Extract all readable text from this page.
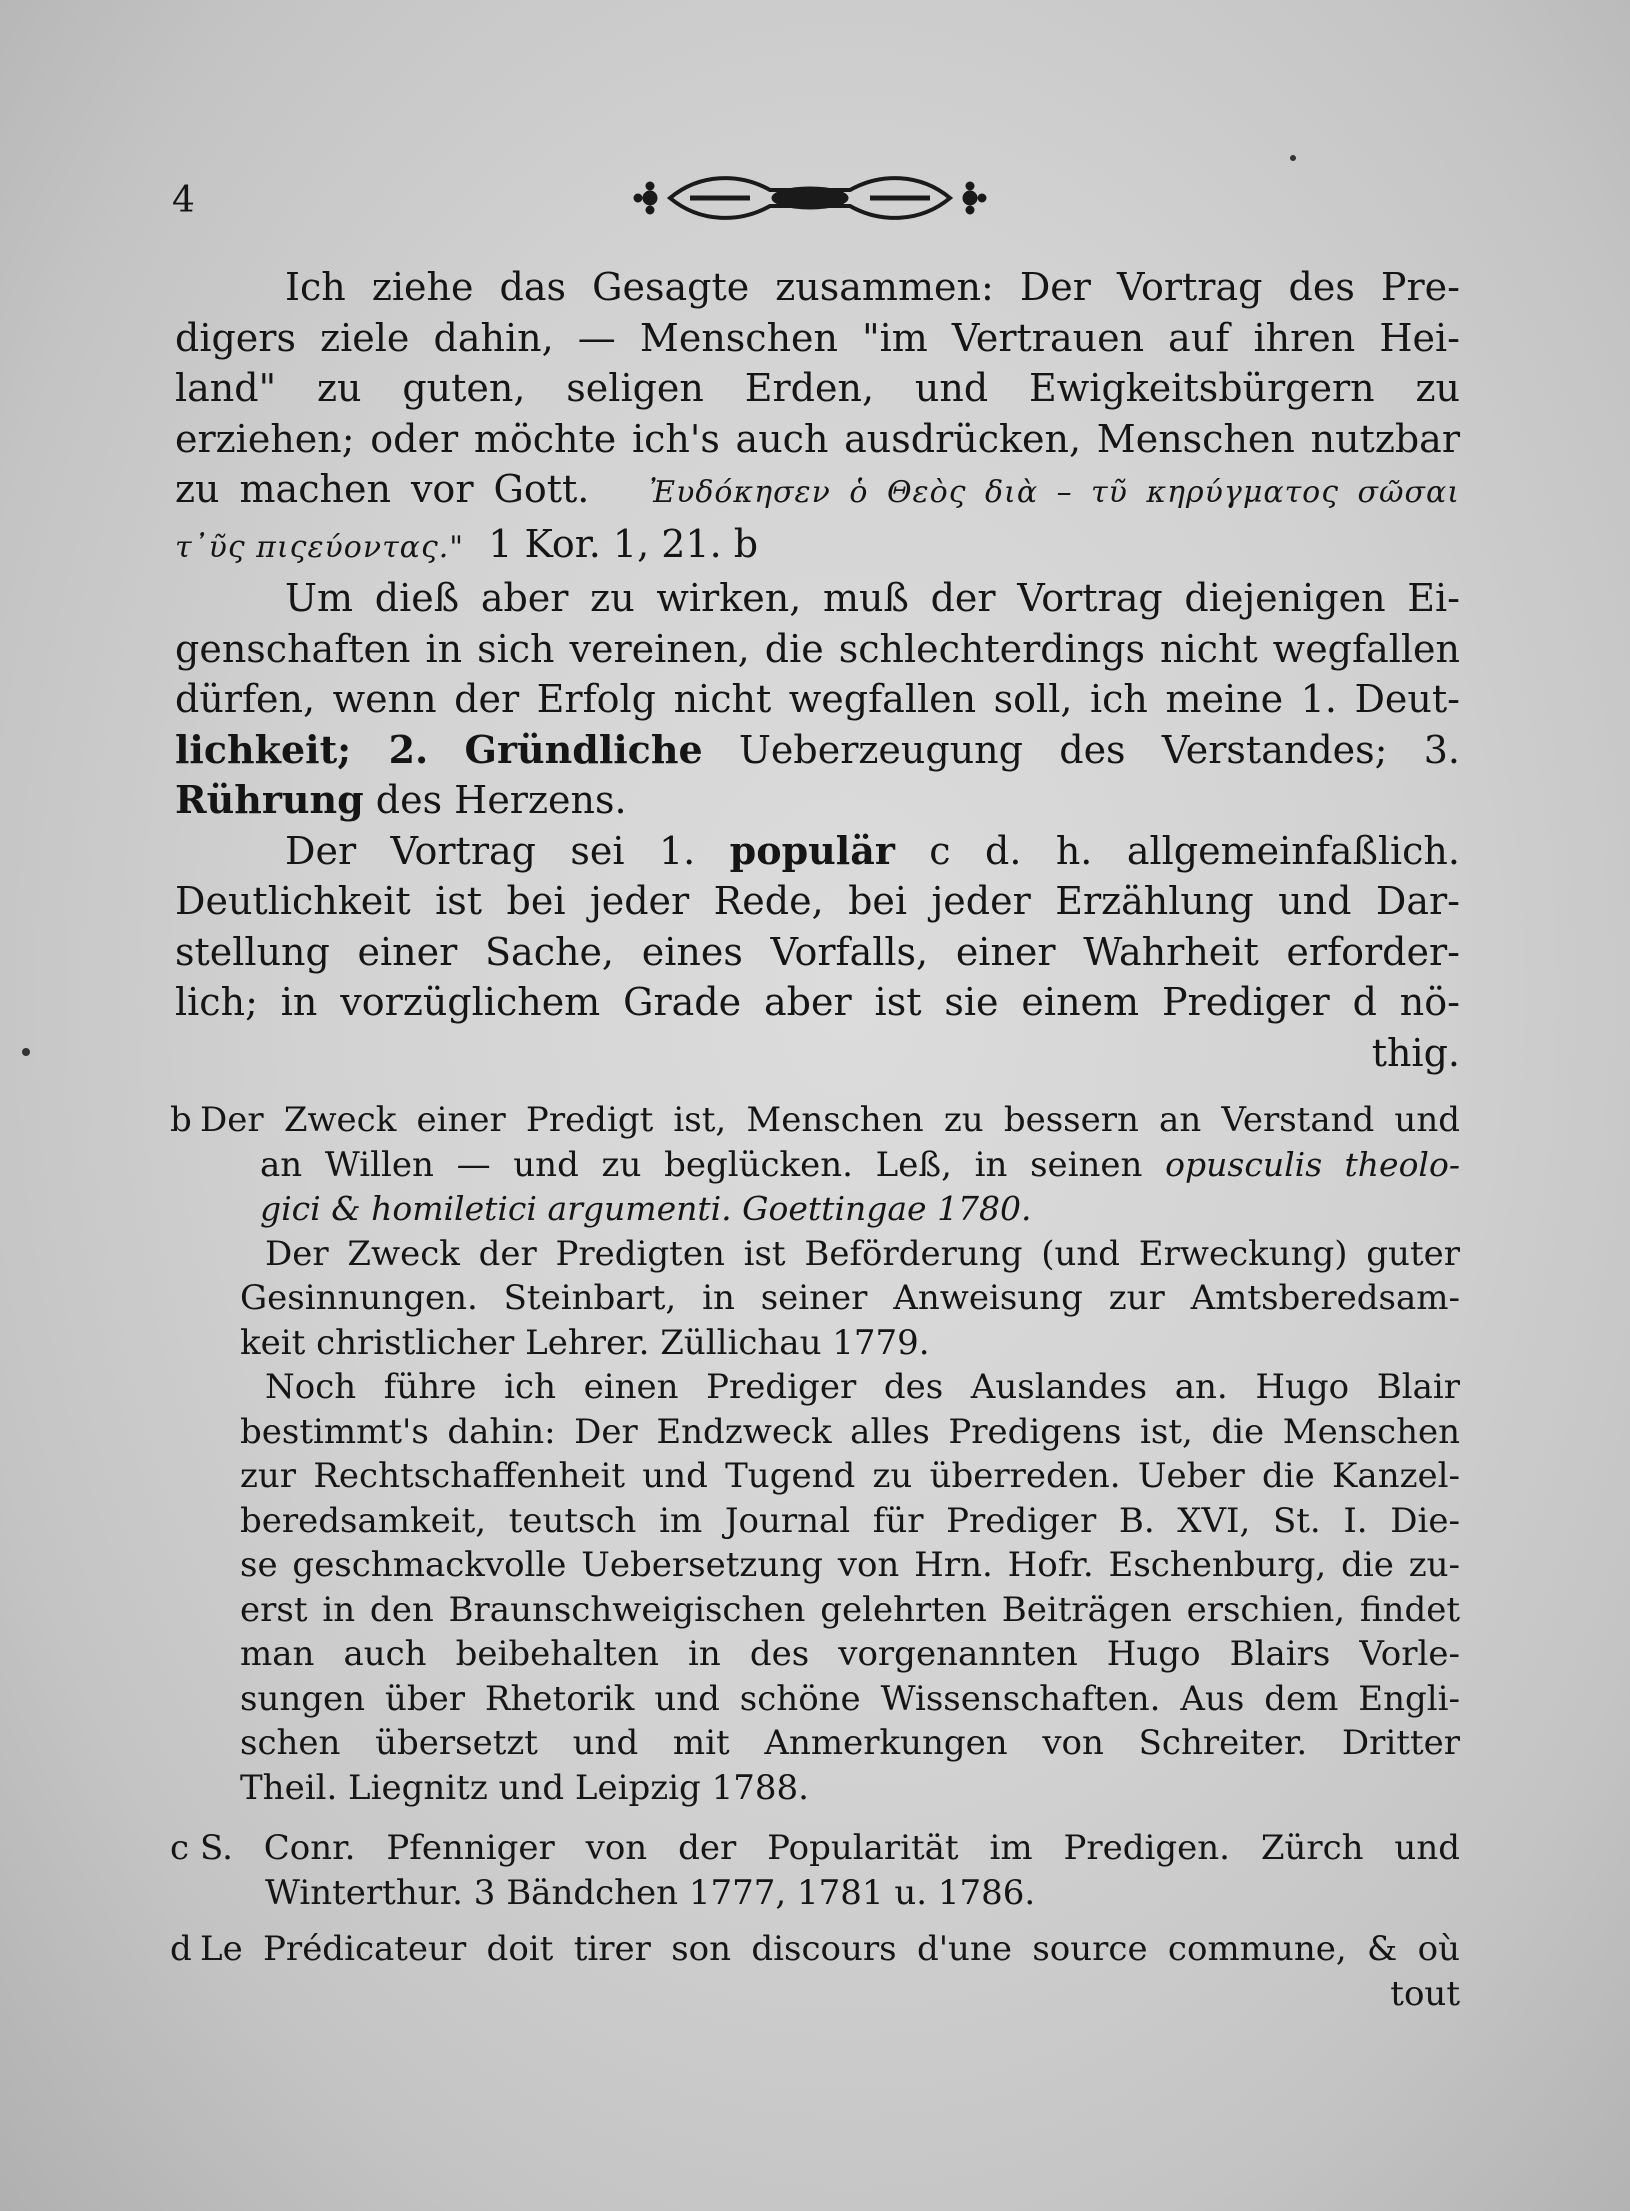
4

Ich ziehe das Gesagte zusammen: Der Vortrag des Pre-
digers ziele dahin, — Menschen "im Vertrauen auf ihren Hei-
land" zu guten, seligen Erden, und Ewigkeitsbürgern zu
erziehen; oder möchte ich's auch ausdrücken, Menschen nutzbar
zu machen vor Gott. Ἐυδόκησεν ὁ Θεὸς διὰ – τῦ κηρύγματος σῶσαι
τ᾽ῦς πιςεύοντας." 1 Kor. 1, 21. b

Um dieß aber zu wirken, muß der Vortrag diejenigen Ei-
genschaften in sich vereinen, die schlechterdings nicht wegfallen
dürfen, wenn der Erfolg nicht wegfallen soll, ich meine 1. Deut-
lichkeit; 2. Gründliche Ueberzeugung des Verstandes; 3.
Rührung des Herzens.

Der Vortrag sei 1. populär c d. h. allgemeinfaßlich.
Deutlichkeit ist bei jeder Rede, bei jeder Erzählung und Dar-
stellung einer Sache, eines Vorfalls, einer Wahrheit erforder-
lich; in vorzüglichem Grade aber ist sie einem Prediger d nö-
thig.

b Der Zweck einer Predigt ist, Menschen zu bessern an Verstand und
an Willen — und zu beglücken. Leß, in seinen opusculis theolo-
gici & homiletici argumenti. Goettingae 1780.

Der Zweck der Predigten ist Beförderung (und Erweckung) guter
Gesinnungen. Steinbart, in seiner Anweisung zur Amtsberedsam-
keit christlicher Lehrer. Züllichau 1779.

Noch führe ich einen Prediger des Auslandes an. Hugo Blair
bestimmt's dahin: Der Endzweck alles Predigens ist, die Menschen
zur Rechtschaffenheit und Tugend zu überreden. Ueber die Kanzel-
beredsamkeit, teutsch im Journal für Prediger B. XVI, St. I. Die-
se geschmackvolle Uebersetzung von Hrn. Hofr. Eschenburg, die zu-
erst in den Braunschweigischen gelehrten Beiträgen erschien, findet
man auch beibehalten in des vorgenannten Hugo Blairs Vorle-
sungen über Rhetorik und schöne Wissenschaften. Aus dem Engli-
schen übersetzt und mit Anmerkungen von Schreiter. Dritter
Theil. Liegnitz und Leipzig 1788.

c S. Conr. Pfenniger von der Popularität im Predigen. Zürch und
Winterthur. 3 Bändchen 1777, 1781 u. 1786.

d Le Prédicateur doit tirer son discours d'une source commune, & où
tout
